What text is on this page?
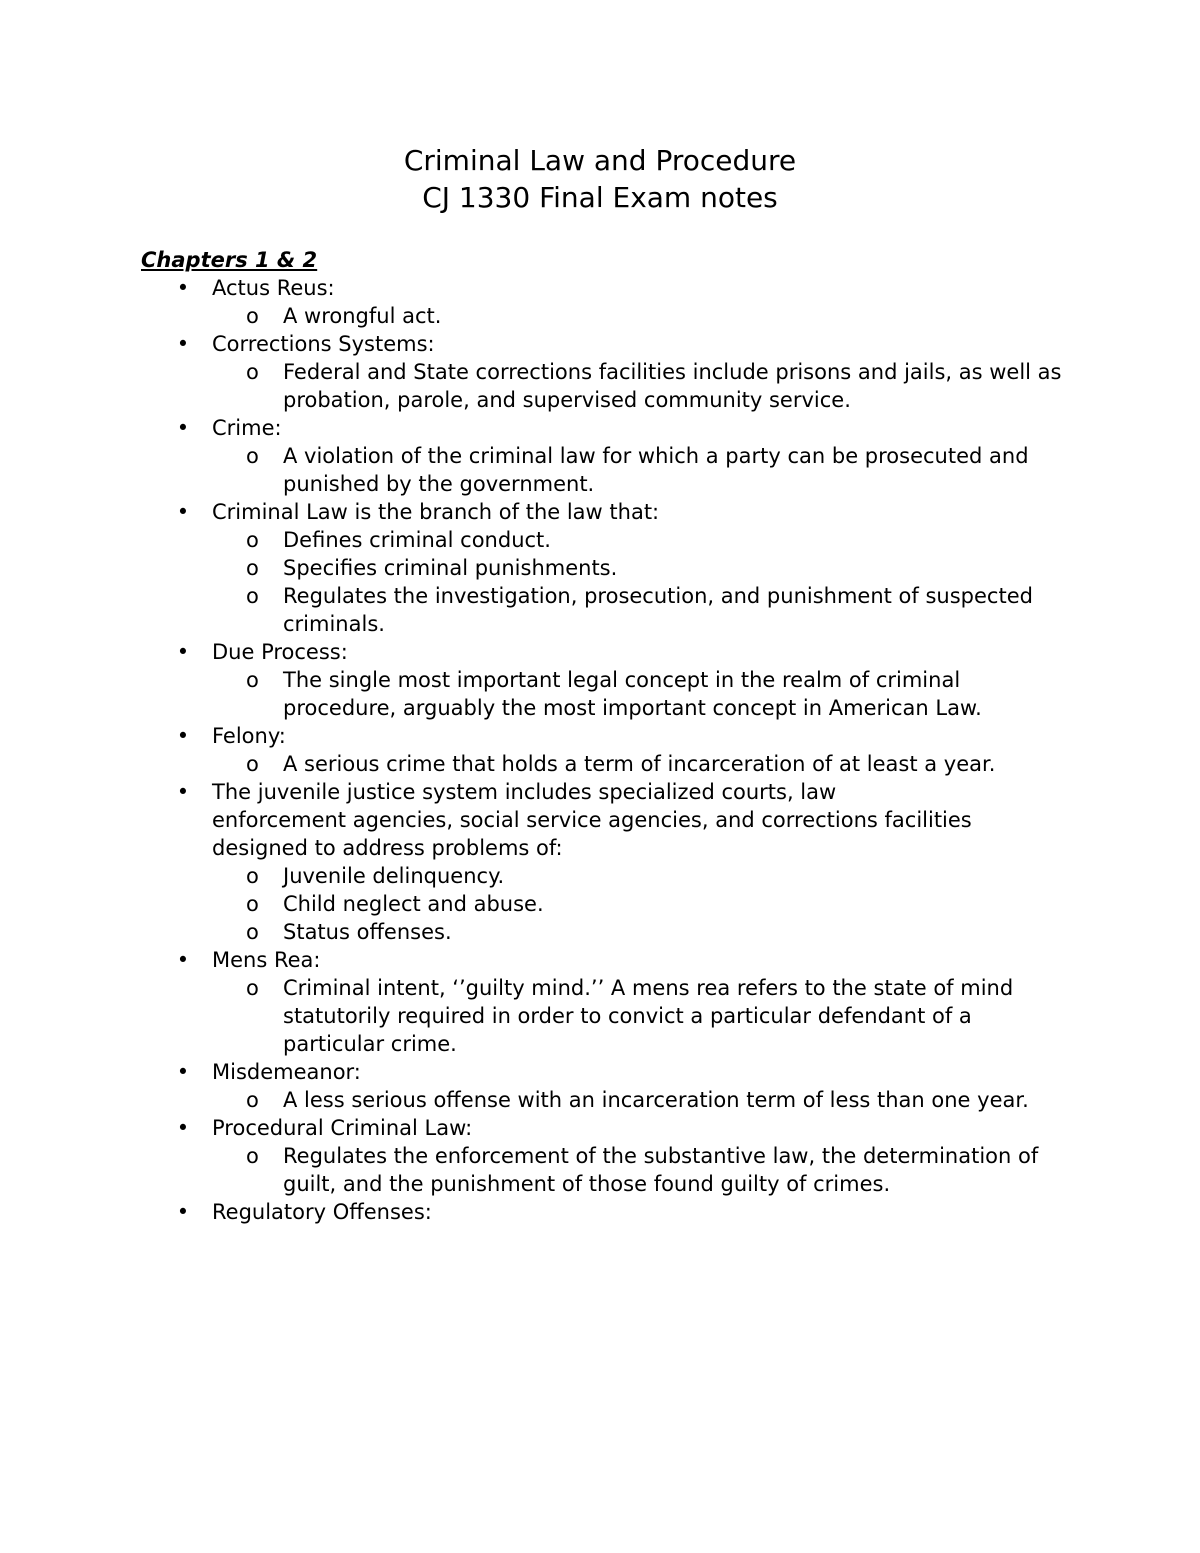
Criminal Law and Procedure
CJ 1330 Final Exam notes
Chapters 1 & 2
• Actus Reus:
o A wrongful act.
• Corrections Systems:
o Federal and State corrections facilities include prisons and jails, as well as probation, parole, and supervised community service.
• Crime:
o A violation of the criminal law for which a party can be prosecuted and punished by the government.
• Criminal Law is the branch of the law that:
o Defines criminal conduct.
o Specifies criminal punishments.
o Regulates the investigation, prosecution, and punishment of suspected criminals.
• Due Process:
o The single most important legal concept in the realm of criminal procedure, arguably the most important concept in American Law.
• Felony:
o A serious crime that holds a term of incarceration of at least a year.
• The juvenile justice system includes specialized courts, law enforcement agencies, social service agencies, and corrections facilities designed to address problems of:
o Juvenile delinquency.
o Child neglect and abuse.
o Status offenses.
• Mens Rea:
o Criminal intent, ‘’guilty mind.’’ A mens rea refers to the state of mind statutorily required in order to convict a particular defendant of a particular crime.
• Misdemeanor:
o A less serious offense with an incarceration term of less than one year.
• Procedural Criminal Law:
o Regulates the enforcement of the substantive law, the determination of guilt, and the punishment of those found guilty of crimes.
• Regulatory Offenses:
